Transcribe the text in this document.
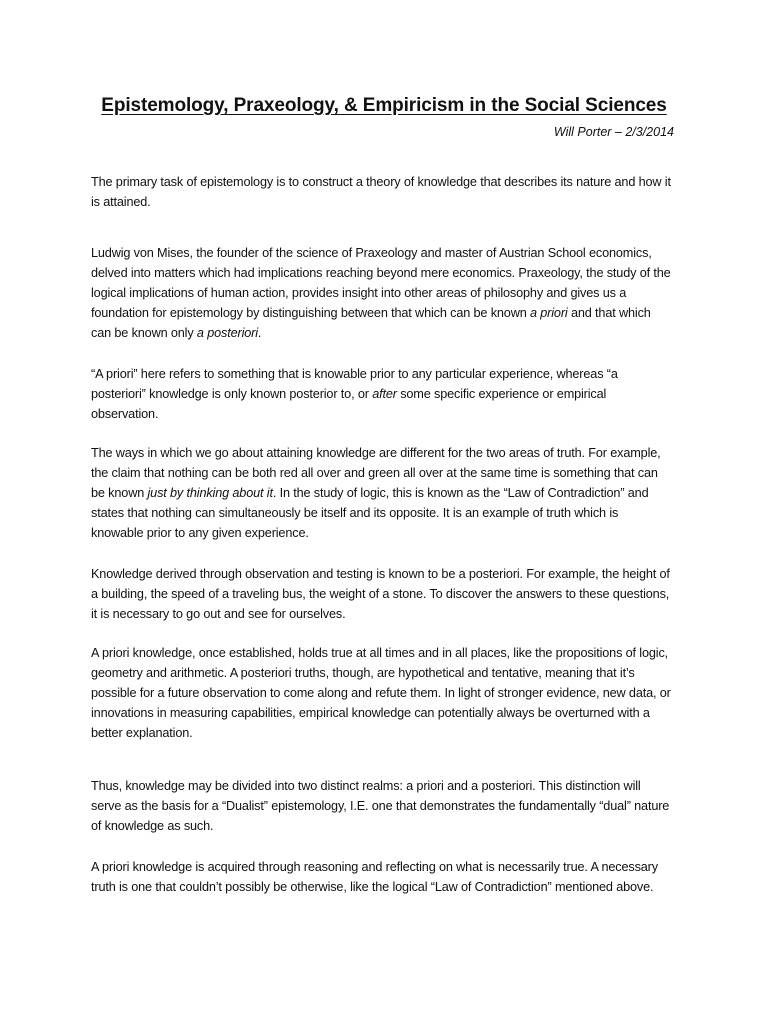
Epistemology, Praxeology, & Empiricism in the Social Sciences

Will Porter – 2/3/2014

The primary task of epistemology is to construct a theory of knowledge that describes its nature and how it is attained.

Ludwig von Mises, the founder of the science of Praxeology and master of Austrian School economics, delved into matters which had implications reaching beyond mere economics. Praxeology, the study of the logical implications of human action, provides insight into other areas of philosophy and gives us a foundation for epistemology by distinguishing between that which can be known a priori and that which can be known only a posteriori.

“A priori” here refers to something that is knowable prior to any particular experience, whereas “a posteriori” knowledge is only known posterior to, or after some specific experience or empirical observation.

The ways in which we go about attaining knowledge are different for the two areas of truth. For example, the claim that nothing can be both red all over and green all over at the same time is something that can be known just by thinking about it. In the study of logic, this is known as the “Law of Contradiction” and states that nothing can simultaneously be itself and its opposite. It is an example of truth which is knowable prior to any given experience.

Knowledge derived through observation and testing is known to be a posteriori. For example, the height of a building, the speed of a traveling bus, the weight of a stone. To discover the answers to these questions, it is necessary to go out and see for ourselves.

A priori knowledge, once established, holds true at all times and in all places, like the propositions of logic, geometry and arithmetic. A posteriori truths, though, are hypothetical and tentative, meaning that it’s possible for a future observation to come along and refute them. In light of stronger evidence, new data, or innovations in measuring capabilities, empirical knowledge can potentially always be overturned with a better explanation.

Thus, knowledge may be divided into two distinct realms: a priori and a posteriori. This distinction will serve as the basis for a “Dualist” epistemology, I.E. one that demonstrates the fundamentally “dual” nature of knowledge as such.

A priori knowledge is acquired through reasoning and reflecting on what is necessarily true. A necessary truth is one that couldn’t possibly be otherwise, like the logical “Law of Contradiction” mentioned above.
